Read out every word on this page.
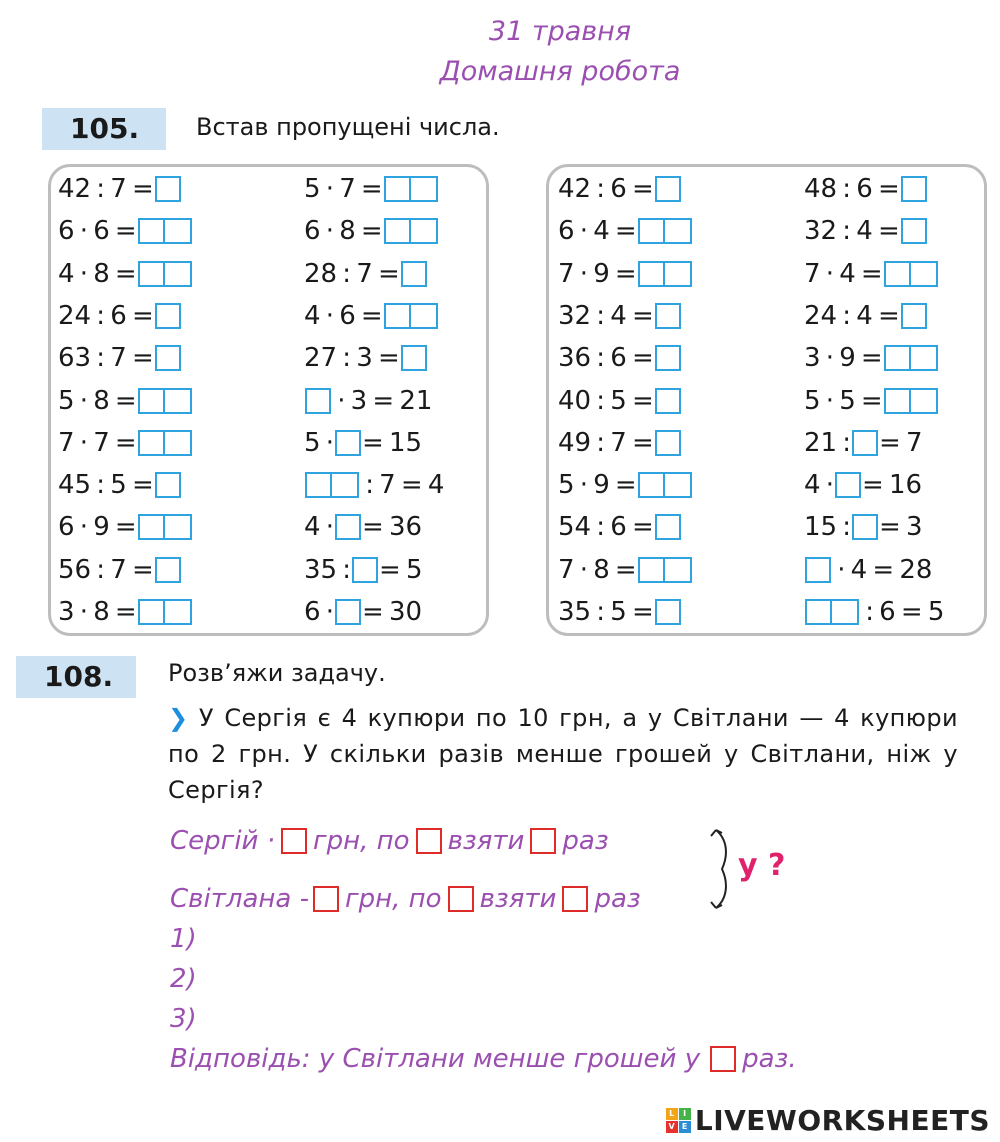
31 травня
Домашня робота
105.	Встав пропущені числа.
42 : 7 =
6 · 6 =
4 · 8 =
24 : 6 =
63 : 7 =
5 · 8 =
7 · 7 =
45 : 5 =
6 · 9 =
56 : 7 =
3 · 8 =
5 · 7 =
6 · 8 =
28 : 7 =
4 · 6 =
27 : 3 =
 · 3 = 21
5 · = 15
 : 7 = 4
4 · = 36
35 : = 5
6 · = 30
42 : 6 =
6 · 4 =
7 · 9 =
32 : 4 =
36 : 6 =
40 : 5 =
49 : 7 =
5 · 9 =
54 : 6 =
7 · 8 =
35 : 5 =
48 : 6 =
32 : 4 =
7 · 4 =
24 : 4 =
3 · 9 =
5 · 5 =
21 : = 7
4 · = 16
15 : = 3
 · 4 = 28
 : 6 = 5
108.	Розв’яжи задачу.
❯ У Сергія є 4 купюри по 10 грн, а у Світлани — 4 купюри по 2 грн. У скільки разів менше грошей у Світлани, ніж у Сергія?
Сергій · грн, по взяти раз
Світлана - грн, по взяти раз
у ?
1)
2)
3)
Відповідь: у Світлани менше грошей у раз.
L	I
V E LIVEWORKSHEETS
